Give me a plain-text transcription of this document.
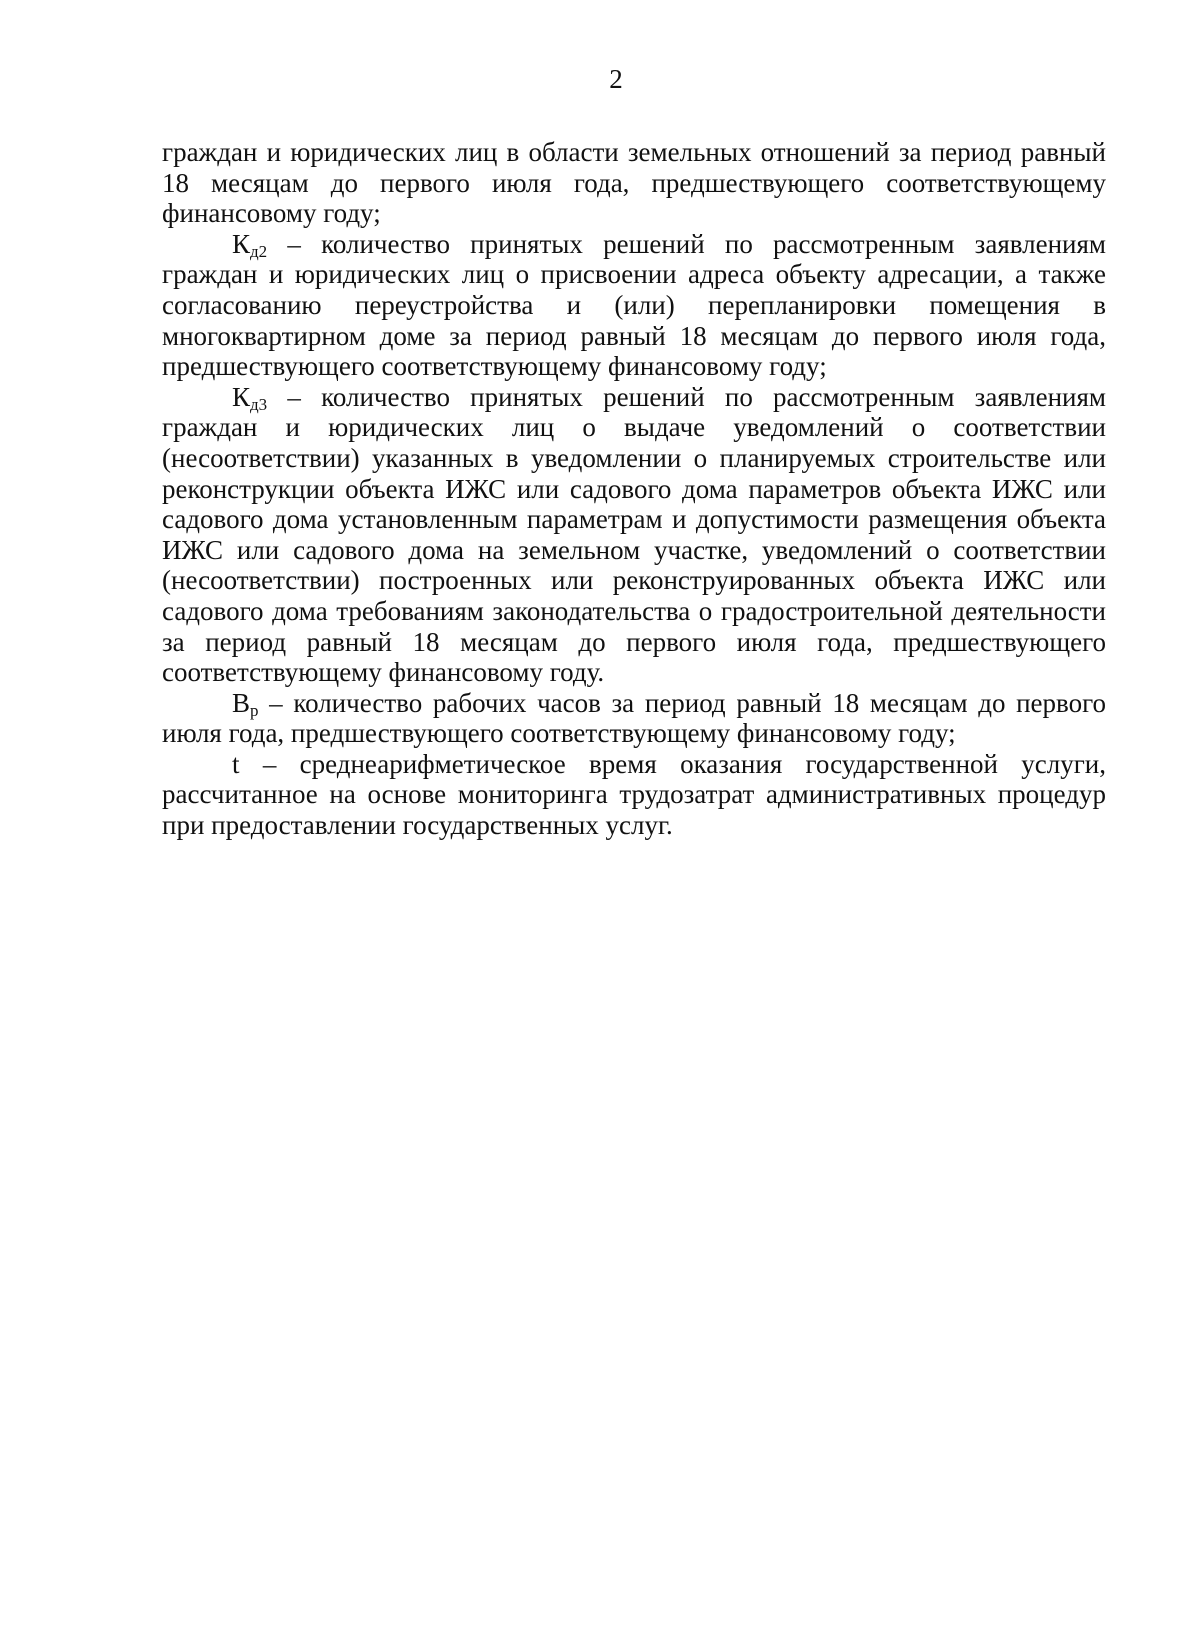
2

граждан и юридических лиц в области земельных отношений за период равный 18 месяцам до первого июля года, предшествующего соответствующему финансовому году;

$К_{д2}$ – количество принятых решений по рассмотренным заявлениям граждан и юридических лиц о присвоении адреса объекту адресации, а также согласованию переустройства и (или) перепланировки помещения в многоквартирном доме за период равный 18 месяцам до первого июля года, предшествующего соответствующему финансовому году;

$К_{д3}$ – количество принятых решений по рассмотренным заявлениям граждан и юридических лиц о выдаче уведомлений о соответствии (несоответствии) указанных в уведомлении о планируемых строительстве или реконструкции объекта ИЖС или садового дома параметров объекта ИЖС или садового дома установленным параметрам и допустимости размещения объекта ИЖС или садового дома на земельном участке, уведомлений о соответствии (несоответствии) построенных или реконструированных объекта ИЖС или садового дома требованиям законодательства о градостроительной деятельности за период равный 18 месяцам до первого июля года, предшествующего соответствующему финансовому году.

$В_р$ – количество рабочих часов за период равный 18 месяцам до первого июля года, предшествующего соответствующему финансовому году;

t – среднеарифметическое время оказания государственной услуги, рассчитанное на основе мониторинга трудозатрат административных процедур при предоставлении государственных услуг.
